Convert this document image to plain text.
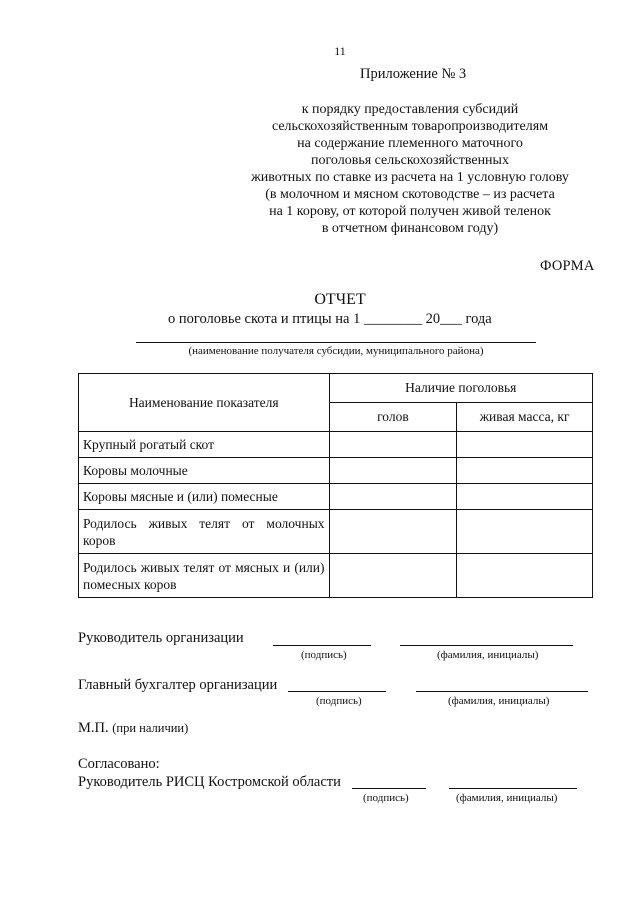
11
Приложение № 3
к порядку предоставления субсидий
сельскохозяйственным товаропроизводителям
на содержание племенного маточного
поголовья сельскохозяйственных
животных по ставке из расчета на 1 условную голову
(в молочном и мясном скотоводстве – из расчета
на 1 корову, от которой получен живой теленок
в отчетном финансовом году)
ФОРМА
ОТЧЕТ
о поголовье скота и птицы на 1 ________ 20___ года
(наименование получателя субсидии, муниципального района)
Наименование показателя	Наличие поголовья	
	голов	живая масса, кг
Крупный рогатый скот		
Коровы молочные		
Коровы мясные и (или) помесные		
Родилось живых телят от молочных коров		
Родилось живых телят от мясных и (или) помесных коров		
Руководитель организации
(подпись)	(фамилия, инициалы)
Главный бухгалтер организации
(подпись)	(фамилия, инициалы)
М.П. (при наличии)
Согласовано:
Руководитель РИСЦ Костромской области
(подпись)	(фамилия, инициалы)
